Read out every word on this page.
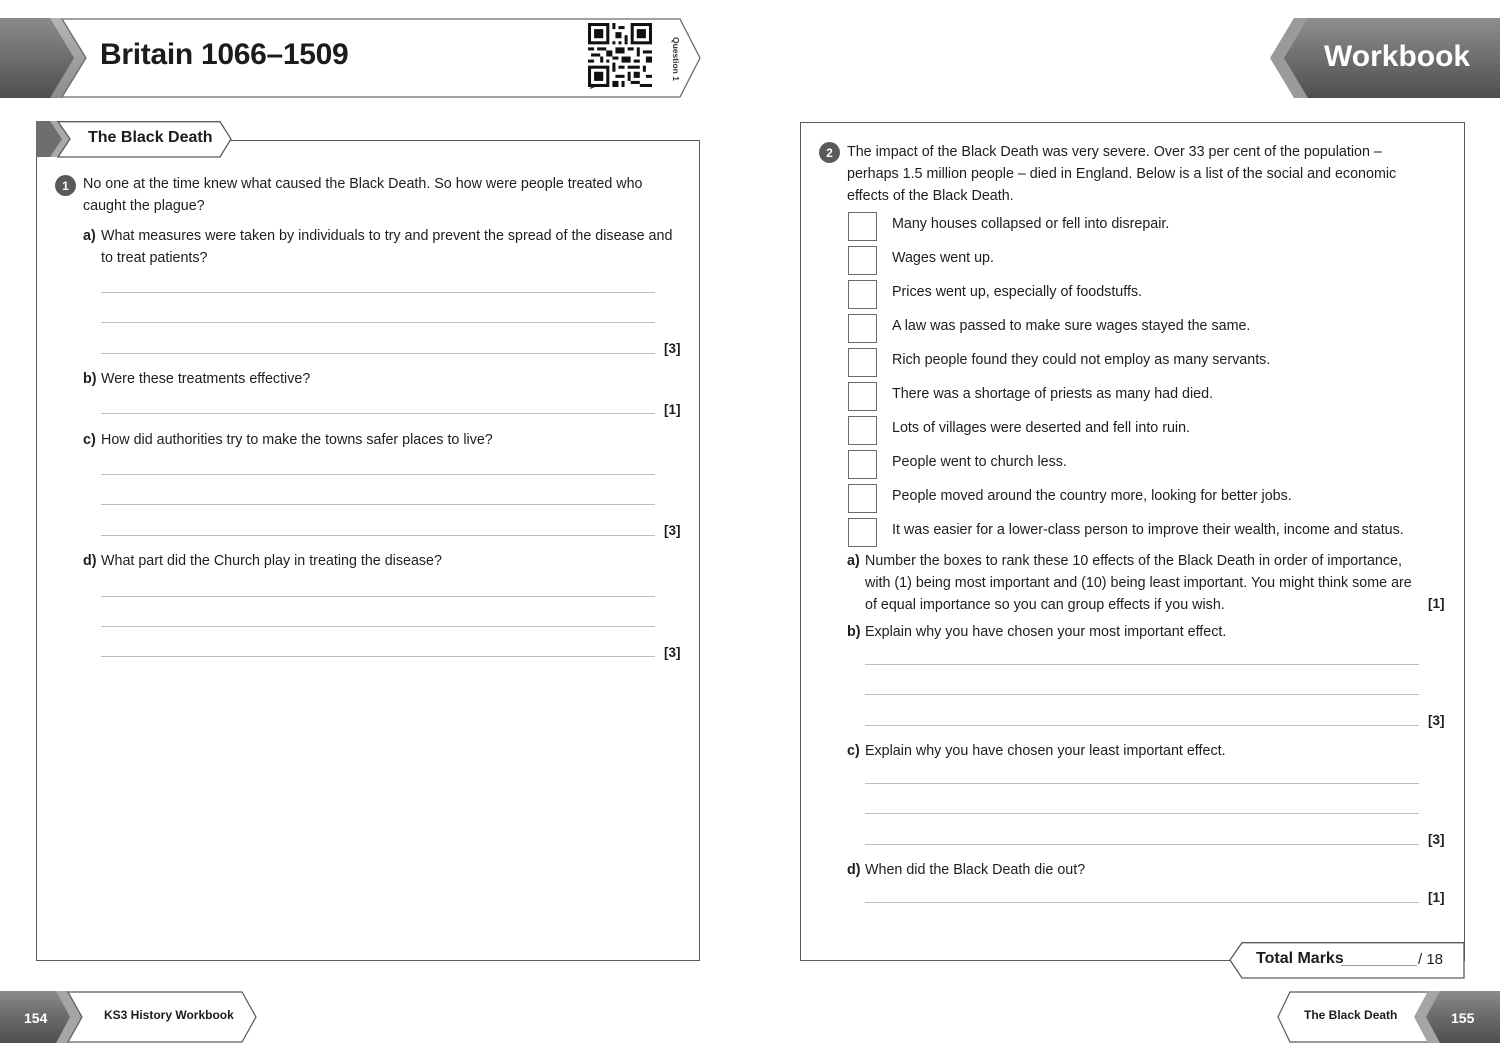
Britain 1066–1509	Question 1	Workbook
The Black Death
1 No one at the time knew what caused the Black Death. So how were people treated who caught the plague?
a) What measures were taken by individuals to try and prevent the spread of the disease and to treat patients?
[3]
b) Were these treatments effective?
[1]
c) How did authorities try to make the towns safer places to live?
[3]
d) What part did the Church play in treating the disease?
[3]
2 The impact of the Black Death was very severe. Over 33 per cent of the population – perhaps 1.5 million people – died in England. Below is a list of the social and economic effects of the Black Death.
Many houses collapsed or fell into disrepair.
Wages went up.
Prices went up, especially of foodstuffs.
A law was passed to make sure wages stayed the same.
Rich people found they could not employ as many servants.
There was a shortage of priests as many had died.
Lots of villages were deserted and fell into ruin.
People went to church less.
People moved around the country more, looking for better jobs.
It was easier for a lower-class person to improve their wealth, income and status.
a) Number the boxes to rank these 10 effects of the Black Death in order of importance, with (1) being most important and (10) being least important. You might think some are of equal importance so you can group effects if you wish.	[1]
b) Explain why you have chosen your most important effect.
[3]
c) Explain why you have chosen your least important effect.
[3]
d) When did the Black Death die out?
[1]
Total Marks	/ 18
154	KS3 History Workbook	The Black Death	155
